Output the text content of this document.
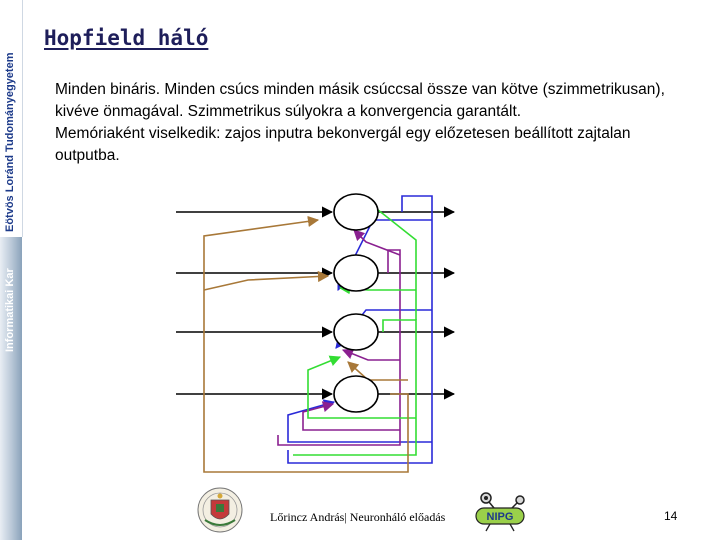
Eötvös Loránd Tudományegyetem
Informatikai Kar
Hopfield háló

Minden bináris. Minden csúcs minden másik csúccsal össze van kötve (szimmetrikusan), kivéve önmagával. Szimmetrikus súlyokra a konvergencia garantált.

Memóriaként viselkedik: zajos inputra bekonvergál egy előzetesen beállított zajtalan outputba.

Lőrincz András| Neuronháló előadás	NIPG	14
